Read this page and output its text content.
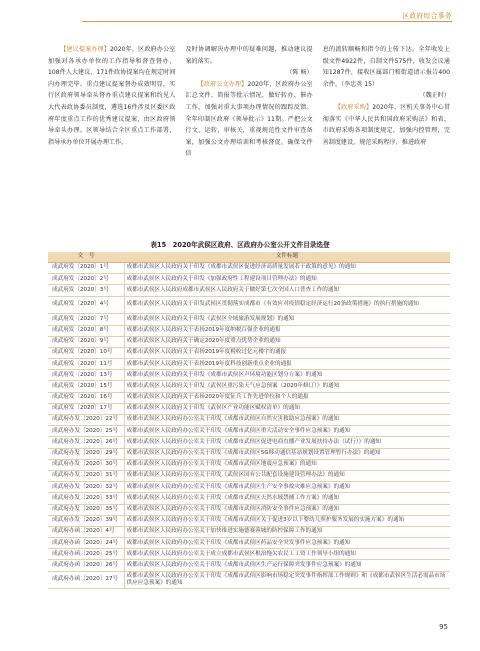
区政府综合事务

【建议提案办理】2020年，区政府办公室加强对各承办单位的工作指导和督查督办，108件人大建议、171件政协提案均在规定时间内办理完毕。重点建议提案督办成效明显，实行区政府领导牵头督办重点建议提案和约见人大代表政协委员制度，遴选16件涉及区委区政府年度重点工作的优秀建议提案，由区政府领导牵头办理。区领导结合全区重点工作部署，指导承办单位开展办理工作，

及时协调解决办理中的疑难问题，推动建议提案的落实。

（陈 畅）

【政府公文办理】2020年，区政府办公室汇总文件、简报等批示情况，做好转办、催办工作，加强对重大事项办理情况的跟踪反馈。全年印制区政府《领导批示》11期。严把公文行文、运转、审核关，重视规范性文件审查备案，加强公文办理培训和考核督促，确保文件信

息的流转顺畅和指令的上传下达。全年收发上级文件4922件，自制文件575件，收发会议通知1287件，接收区属部门和街道请示报告400余件。（李忠英 15）

（魏正时）

【政府采购】2020年，区机关事务中心贯彻落实《中华人民共和国政府采购法》和省、市政府采购各项制度规定，加强内控管理，完善制度建设，规范采购程序，推进政府

表15　2020年武侯区政府、区政府办公室公开文件目录选登
文　号	文件标题
成武府发〔2020〕1号	成都市武侯区人民政府关于印发《成都市武侯区促进经济高质量发展若干政策的意见》的通知
成武府发〔2020〕2号	成都市武侯区人民政府关于印发《加强政府性工程建设项目管理办法》的通知
成武府发〔2020〕3号	成都市武侯区人民政府成都市武侯区人民政府关于做好第七次全国人口普查工作的通知
成武府发〔2020〕4号	成都市武侯区人民政府关于印发武侯区贯彻落实成都市《有效应对疫情稳定经济运行20条政策措施》的执行措施的通知
成武府发〔2020〕7号	成都市武侯区人民政府关于印发《武侯区全域旅游发展规划》的通知
成武府发〔2020〕8号	成都市武侯区人民政府关于表扬2019年度纳税百强企业的通报
成武府发〔2020〕9号	成都市武侯区人民政府关于确定2020年度重点优势企业的通知
成武府发〔2020〕10号	成都市武侯区人民政府关于表扬2019年度税收过亿元楼宇的通报
成武府发〔2020〕11号	成都市武侯区人民政府关于表扬2019年度科技创新重点企业的通报
成武府发〔2020〕13号	成都市武侯区人民政府关于印发《成都市武侯区声环境功能区划分方案》的通知
成武府发〔2020〕15号	成都市武侯区人民政府关于印发《武侯区重污染天气应急预案（2020年修订）》的通知
成武府发〔2020〕16号	成都市武侯区人民政府关于表扬2020年度征兵工作先进单位和个人的通报
成武府发〔2020〕17号	成都市武侯区人民政府关于印发《武侯区产业功能区赋权清单》的通知
成武府办发〔2020〕22号	成都市武侯区人民政府办公室关于印发《成都市武侯区自然灾害救助应急预案》的通知
成武府办发〔2020〕25号	成都市武侯区人民政府办公室关于印发《成都市武侯区重大活动安全事件应急预案》的通知
成武府办发〔2020〕26号	成都市武侯区人民政府办公室关于印发《成都市武侯区促进电商直播产业发展扶持办法（试行）》的通知
成武府办发〔2020〕29号	成都市武侯区人民政府办公室关于印发《成都市武侯区5G移动通信基站规划设置管理暂行办法》的通知
成武府办发〔2020〕30号	成都市武侯区人民政府办公室关于印发《成都市武侯区地震应急预案》的通知
成武府办发〔2020〕31号	成都市武侯区人民政府办公室关于印发《武侯区国有公共配套设施建设管理办法》的通知
成武府办发〔2020〕32号	成都市武侯区人民政府办公室关于印发《成都市武侯区生产安全事故灾难应急预案》的通知
成武府办发〔2020〕33号	成都市武侯区人民政府办公室关于印发《成都市武侯区天然水域禁捕工作方案》的通知
成武府办发〔2020〕35号	成都市武侯区人民政府办公室关于印发《成都市武侯区消防安全事件应急预案》的通知
成武府办发〔2020〕39号	成都市武侯区人民政府办公室关于印发《成都市武侯区关于促进3岁以下婴幼儿照护服务发展的实施方案》的通知
成武府办函〔2020〕4号	成都市武侯区人民政府办公室关于加快推进实施德赛蓉城的防控保障工作的通知
成武府办函〔2020〕24号	成都市武侯区人民政府办公室关于印发《成都市武侯区药品安全突发事件应急预案》的通知
成武府办函〔2020〕25号	成都市武侯区人民政府办公室关于成立成都市武侯区根治拖欠农民工工资工作领导小组的通知
成武府办函〔2020〕26号	成都市武侯区人民政府办公室关于印发《成都市武侯区生产运行保障突发事件应急预案》的通知
成武府办函〔2020〕27号	成都市武侯区人民政府办公室关于印发《成都市武侯区影响市场稳定突发事件指挥部工作规则》和《成都市武侯区生活必需品市场供应应急预案》的通知
95
